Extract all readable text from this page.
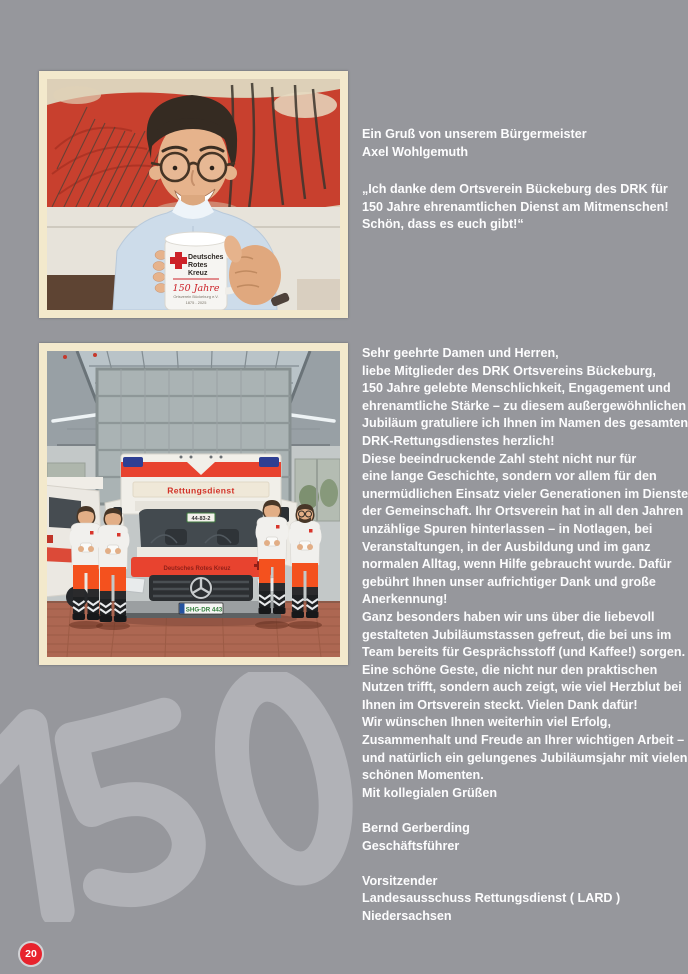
Deutsches
Rotes
Kreuz
150 Jahre
Ortsverein Bückeburg e.V.
1875 - 2025
Ein Gruß von unserem Bürgermeister
Axel Wohlgemuth
„Ich danke dem Ortsverein Bückeburg des DRK für
150 Jahre ehrenamtlichen Dienst am Mitmenschen!
Schön, dass es euch gibt!“
Rettungsdienst
44-83-2
Deutsches Rotes Kreuz
SHG·DR 443
Sehr geehrte Damen und Herren,
liebe Mitglieder des DRK Ortsvereins Bückeburg,
150 Jahre gelebte Menschlichkeit, Engagement und
ehrenamtliche Stärke – zu diesem außergewöhnlichen
Jubiläum gratuliere ich Ihnen im Namen des gesamten
DRK-Rettungsdienstes herzlich!
Diese beeindruckende Zahl steht nicht nur für
eine lange Geschichte, sondern vor allem für den
unermüdlichen Einsatz vieler Generationen im Dienste
der Gemeinschaft. Ihr Ortsverein hat in all den Jahren
unzählige Spuren hinterlassen – in Notlagen, bei
Veranstaltungen, in der Ausbildung und im ganz
normalen Alltag, wenn Hilfe gebraucht wurde. Dafür
gebührt Ihnen unser aufrichtiger Dank und große
Anerkennung!
Ganz besonders haben wir uns über die liebevoll
gestalteten Jubiläumstassen gefreut, die bei uns im
Team bereits für Gesprächsstoff (und Kaffee!) sorgen.
Eine schöne Geste, die nicht nur den praktischen
Nutzen trifft, sondern auch zeigt, wie viel Herzblut bei
Ihnen im Ortsverein steckt. Vielen Dank dafür!
Wir wünschen Ihnen weiterhin viel Erfolg,
Zusammenhalt und Freude an Ihrer wichtigen Arbeit –
und natürlich ein gelungenes Jubiläumsjahr mit vielen
schönen Momenten.
Mit kollegialen Grüßen

Bernd Gerberding
Geschäftsführer

Vorsitzender
Landesausschuss Rettungsdienst ( LARD )
Niedersachsen
20
